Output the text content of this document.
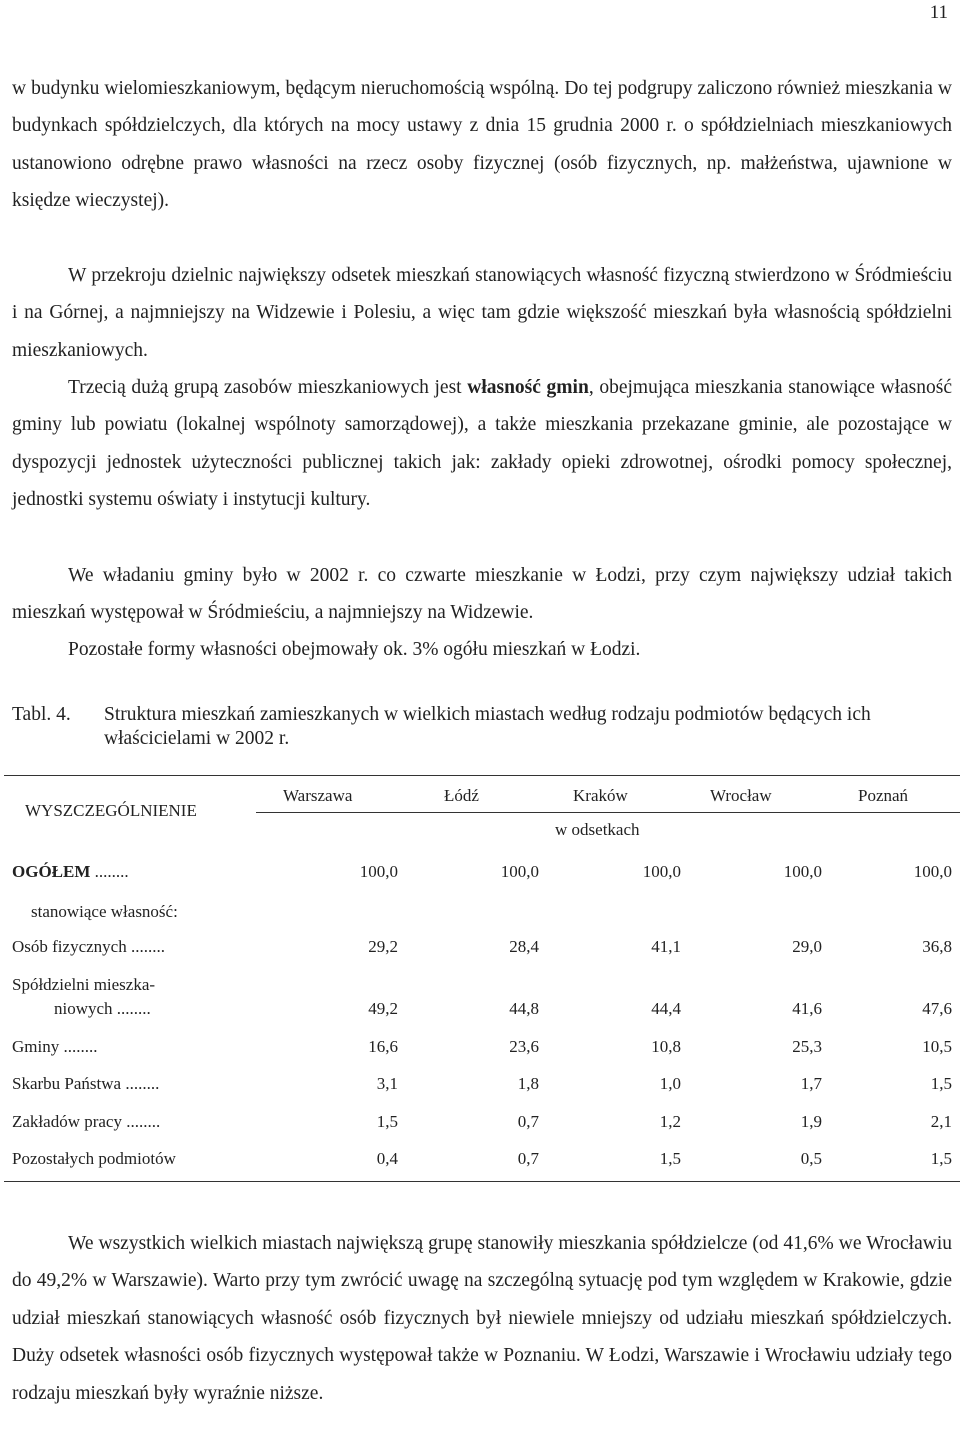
11

w budynku wielomieszkaniowym, będącym nieruchomością wspólną. Do tej podgrupy zaliczono również mieszkania w budynkach spółdzielczych, dla których na mocy ustawy z dnia 15 grudnia 2000 r. o spółdzielniach mieszkaniowych ustanowiono odrębne prawo własności na rzecz osoby fizycznej (osób fizycznych, np. małżeństwa, ujawnione w księdze wieczystej).

W przekroju dzielnic największy odsetek mieszkań stanowiących własność fizyczną stwierdzono w Śródmieściu i na Górnej, a najmniejszy na Widzewie i Polesiu, a więc tam gdzie większość mieszkań była własnością spółdzielni mieszkaniowych.

Trzecią dużą grupą zasobów mieszkaniowych jest własność gmin, obejmująca mieszkania stanowiące własność gminy lub powiatu (lokalnej wspólnoty samorządowej), a także mieszkania przekazane gminie, ale pozostające w dyspozycji jednostek użyteczności publicznej takich jak: zakłady opieki zdrowotnej, ośrodki pomocy społecznej, jednostki systemu oświaty i instytucji kultury.

We władaniu gminy było w 2002 r. co czwarte mieszkanie w Łodzi, przy czym największy udział takich mieszkań występował w Śródmieściu, a najmniejszy na Widzewie.

Pozostałe formy własności obejmowały ok. 3% ogółu mieszkań w Łodzi.

Tabl. 4. Struktura mieszkań zamieszkanych w wielkich miastach według rodzaju podmiotów będących ich właścicielami w 2002 r.
WYSZCZEGÓLNIENIE
Warszawa	Łódź	Kraków	Wrocław	Poznań
w odsetkach
OGÓŁEM ........	100,0	100,0	100,0	100,0	100,0
stanowiące własność:
Osób fizycznych ........	29,2	28,4	41,1	29,0	36,8
Spółdzielni mieszka-
niowych ........	49,2	44,8	44,4	41,6	47,6
Gminy ........	16,6	23,6	10,8	25,3	10,5
Skarbu Państwa ........	3,1	1,8	1,0	1,7	1,5
Zakładów pracy ........	1,5	0,7	1,2	1,9	2,1
Pozostałych podmiotów	0,4	0,7	1,5	0,5	1,5

We wszystkich wielkich miastach największą grupę stanowiły mieszkania spółdzielcze (od 41,6% we Wrocławiu do 49,2% w Warszawie). Warto przy tym zwrócić uwagę na szczególną sytuację pod tym względem w Krakowie, gdzie udział mieszkań stanowiących własność osób fizycznych był niewiele mniejszy od udziału mieszkań spółdzielczych. Duży odsetek własności osób fizycznych występował także w Poznaniu. W Łodzi, Warszawie i Wrocławiu udziały tego rodzaju mieszkań były wyraźnie niższe.
